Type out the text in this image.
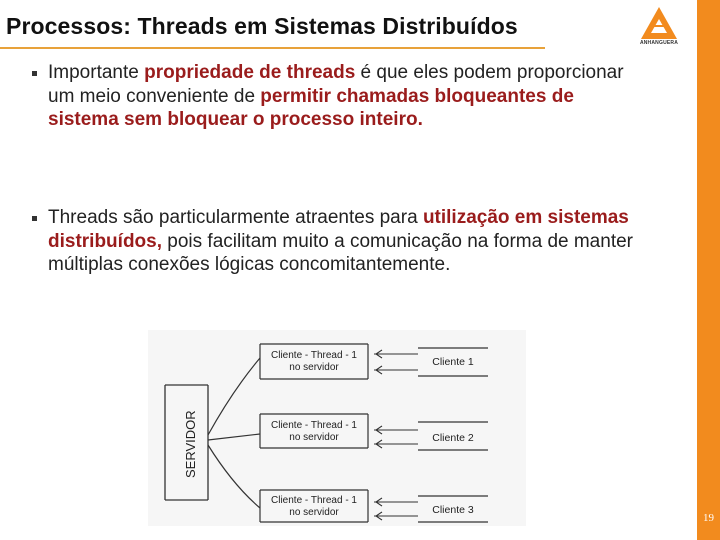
Processos: Threads em Sistemas Distribuídos
ANHANGUERA
19
Importante propriedade de threads é que eles podem proporcionar um meio conveniente de permitir chamadas bloqueantes de sistema sem bloquear o processo inteiro.
Threads são particularmente atraentes para utilização em sistemas distribuídos, pois facilitam muito a comunicação na forma de manter múltiplas conexões lógicas concomitantemente.
SERVIDOR
Cliente - Thread - 1
no servidor
Cliente - Thread - 1
no servidor
Cliente - Thread - 1
no servidor
Cliente 1
Cliente 2
Cliente 3
